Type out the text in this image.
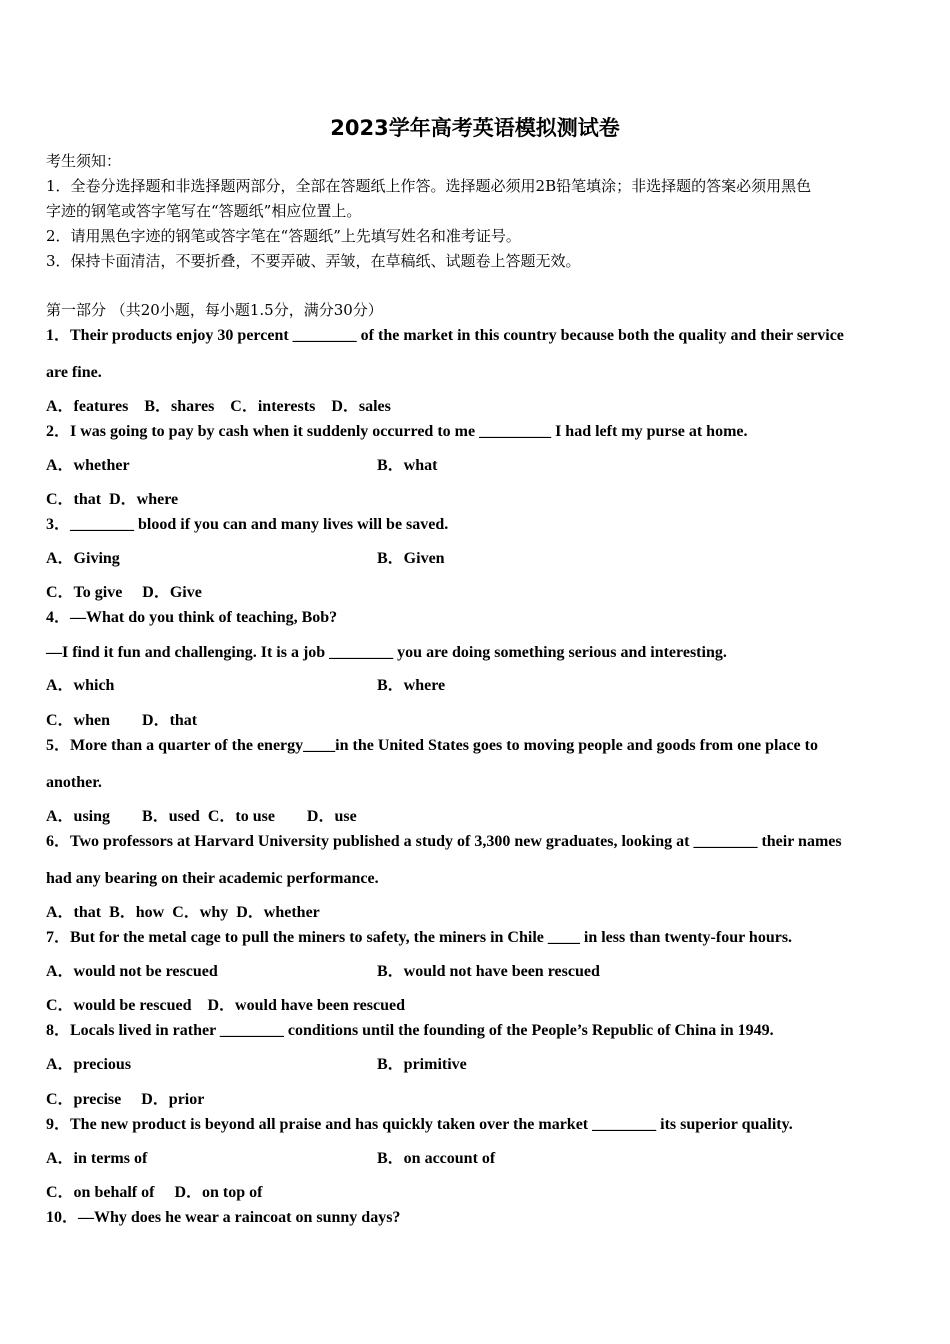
2023学年高考英语模拟测试卷
考生须知：
1．全卷分选择题和非选择题两部分，全部在答题纸上作答。选择题必须用2B铅笔填涂；非选择题的答案必须用黑色
字迹的钢笔或答字笔写在“答题纸”相应位置上。
2．请用黑色字迹的钢笔或答字笔在“答题纸”上先填写姓名和准考证号。
3．保持卡面清洁，不要折叠，不要弄破、弄皱，在草稿纸、试题卷上答题无效。
第一部分 （共20小题，每小题1.5分，满分30分）
1．Their products enjoy 30 percent ________ of the market in this country because both the quality and their service
are fine.
A．features    B．shares    C．interests    D．sales
2．I was going to pay by cash when it suddenly occurred to me _________ I had left my purse at home.
A．whether	B．what
C．that  D．where
3．________ blood if you can and many lives will be saved.
A．Giving	B．Given
C．To give     D．Give
4．—What do you think of teaching, Bob?
—I find it fun and challenging. It is a job ________ you are doing something serious and interesting.
A．which	B．where
C．when        D．that
5．More than a quarter of the energy____in the United States goes to moving people and goods from one place to
another.
A．using        B．used  C．to use        D．use
6．Two professors at Harvard University published a study of 3,300 new graduates, looking at ________ their names
had any bearing on their academic performance.
A．that  B．how  C．why  D．whether
7．But for the metal cage to pull the miners to safety, the miners in Chile ____ in less than twenty-four hours.
A．would not be rescued	B．would not have been rescued
C．would be rescued    D．would have been rescued
8．Locals lived in rather ________ conditions until the founding of the People’s Republic of China in 1949.
A．precious	B．primitive
C．precise     D．prior
9．The new product is beyond all praise and has quickly taken over the market ________ its superior quality.
A．in terms of	B．on account of
C．on behalf of     D．on top of
10．—Why does he wear a raincoat on sunny days?
